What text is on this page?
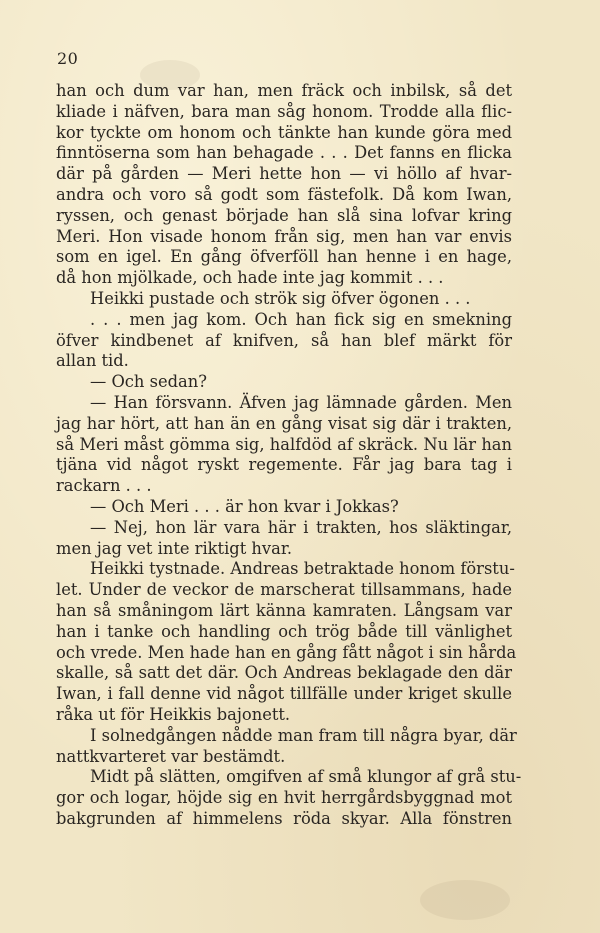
20
han och dum var han, men fräck och inbilsk, så det
kliade i näfven, bara man såg honom. Trodde alla flic-
kor tyckte om honom och tänkte han kunde göra med
finntöserna som han behagade . . . Det fanns en flicka
där på gården — Meri hette hon — vi höllo af hvar-
andra och voro så godt som fästefolk. Då kom Iwan,
ryssen, och genast började han slå sina lofvar kring
Meri. Hon visade honom från sig, men han var envis
som en igel. En gång öfverföll han henne i en hage,
då hon mjölkade, och hade inte jag kommit . . .
Heikki pustade och strök sig öfver ögonen . . .
. . . men jag kom. Och han fick sig en smekning
öfver kindbenet af knifven, så han blef märkt för
allan tid.
— Och sedan?
— Han försvann. Äfven jag lämnade gården. Men
jag har hört, att han än en gång visat sig där i trakten,
så Meri måst gömma sig, halfdöd af skräck. Nu lär han
tjäna vid något ryskt regemente. Får jag bara tag i
rackarn . . .
— Och Meri . . . är hon kvar i Jokkas?
— Nej, hon lär vara här i trakten, hos släktingar,
men jag vet inte riktigt hvar.
Heikki tystnade. Andreas betraktade honom förstu-
let. Under de veckor de marscherat tillsammans, hade
han så småningom lärt känna kamraten. Långsam var
han i tanke och handling och trög både till vänlighet
och vrede. Men hade han en gång fått något i sin hårda
skalle, så satt det där. Och Andreas beklagade den där
Iwan, i fall denne vid något tillfälle under kriget skulle
råka ut för Heikkis bajonett.
I solnedgången nådde man fram till några byar, där
nattkvarteret var bestämdt.
Midt på slätten, omgifven af små klungor af grå stu-
gor och logar, höjde sig en hvit herrgårdsbyggnad mot
bakgrunden af himmelens röda skyar. Alla fönstren
